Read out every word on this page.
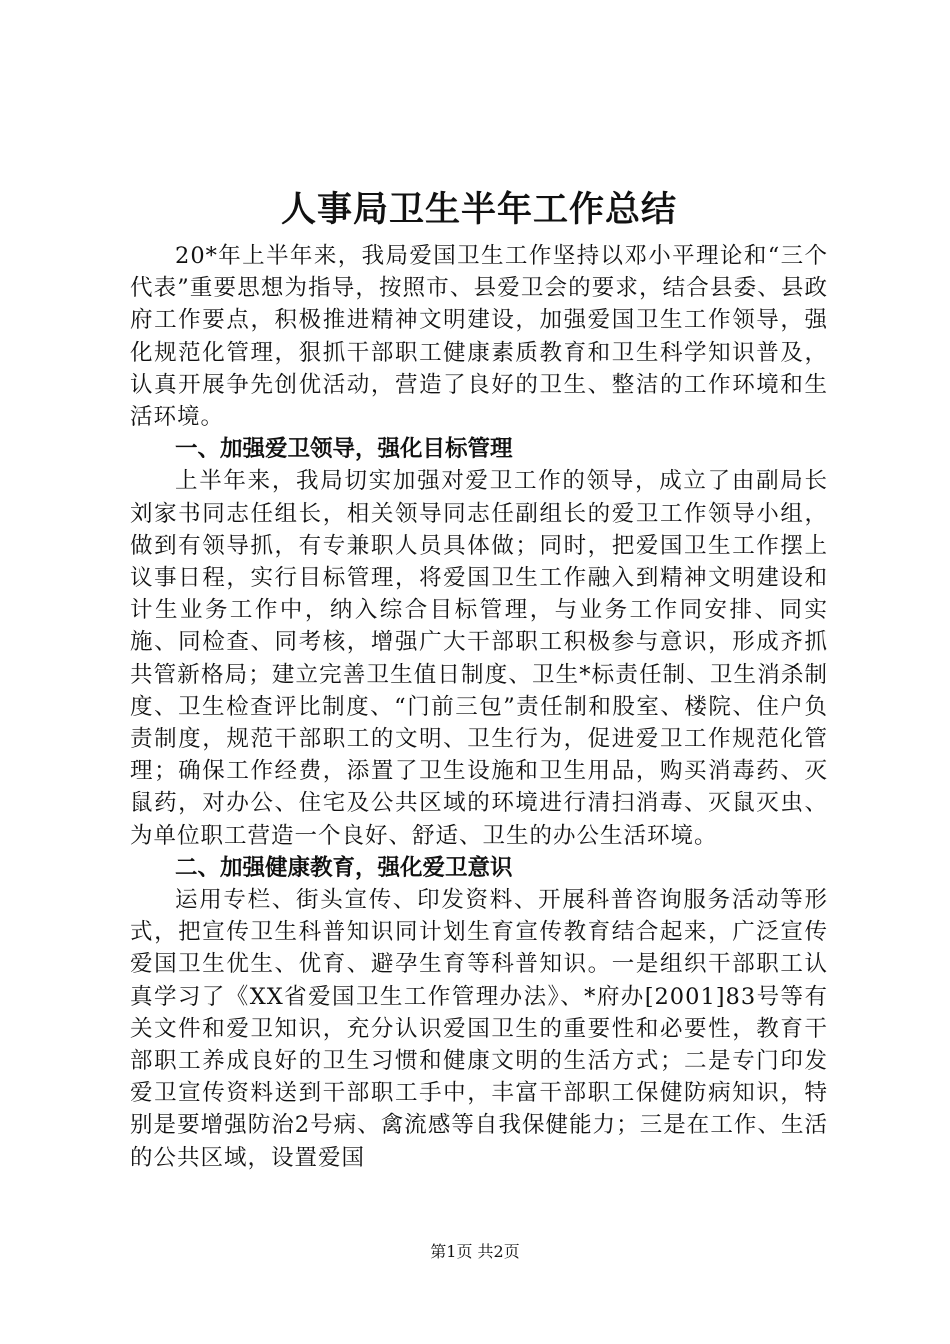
人事局卫生半年工作总结

20*年上半年来，我局爱国卫生工作坚持以邓小平理论和“三个代表”重要思想为指导，按照市、县爱卫会的要求，结合县委、县政府工作要点，积极推进精神文明建设，加强爱国卫生工作领导，强化规范化管理，狠抓干部职工健康素质教育和卫生科学知识普及，认真开展争先创优活动，营造了良好的卫生、整洁的工作环境和生活环境。

一、加强爱卫领导，强化目标管理

上半年来，我局切实加强对爱卫工作的领导，成立了由副局长刘家书同志任组长，相关领导同志任副组长的爱卫工作领导小组，做到有领导抓，有专兼职人员具体做；同时，把爱国卫生工作摆上议事日程，实行目标管理，将爱国卫生工作融入到精神文明建设和计生业务工作中，纳入综合目标管理，与业务工作同安排、同实施、同检查、同考核，增强广大干部职工积极参与意识，形成齐抓共管新格局；建立完善卫生值日制度、卫生*标责任制、卫生消杀制度、卫生检查评比制度、“门前三包”责任制和股室、楼院、住户负责制度，规范干部职工的文明、卫生行为，促进爱卫工作规范化管理；确保工作经费，添置了卫生设施和卫生用品，购买消毒药、灭鼠药，对办公、住宅及公共区域的环境进行清扫消毒、灭鼠灭虫、为单位职工营造一个良好、舒适、卫生的办公生活环境。

二、加强健康教育，强化爱卫意识

运用专栏、街头宣传、印发资料、开展科普咨询服务活动等形式，把宣传卫生科普知识同计划生育宣传教育结合起来，广泛宣传爱国卫生优生、优育、避孕生育等科普知识。一是组织干部职工认真学习了《XX省爱国卫生工作管理办法》、*府办[2001]83号等有关文件和爱卫知识，充分认识爱国卫生的重要性和必要性，教育干部职工养成良好的卫生习惯和健康文明的生活方式；二是专门印发爱卫宣传资料送到干部职工手中，丰富干部职工保健防病知识，特别是要增强防治2号病、禽流感等自我保健能力；三是在工作、生活的公共区域，设置爱国

第1页 共2页
